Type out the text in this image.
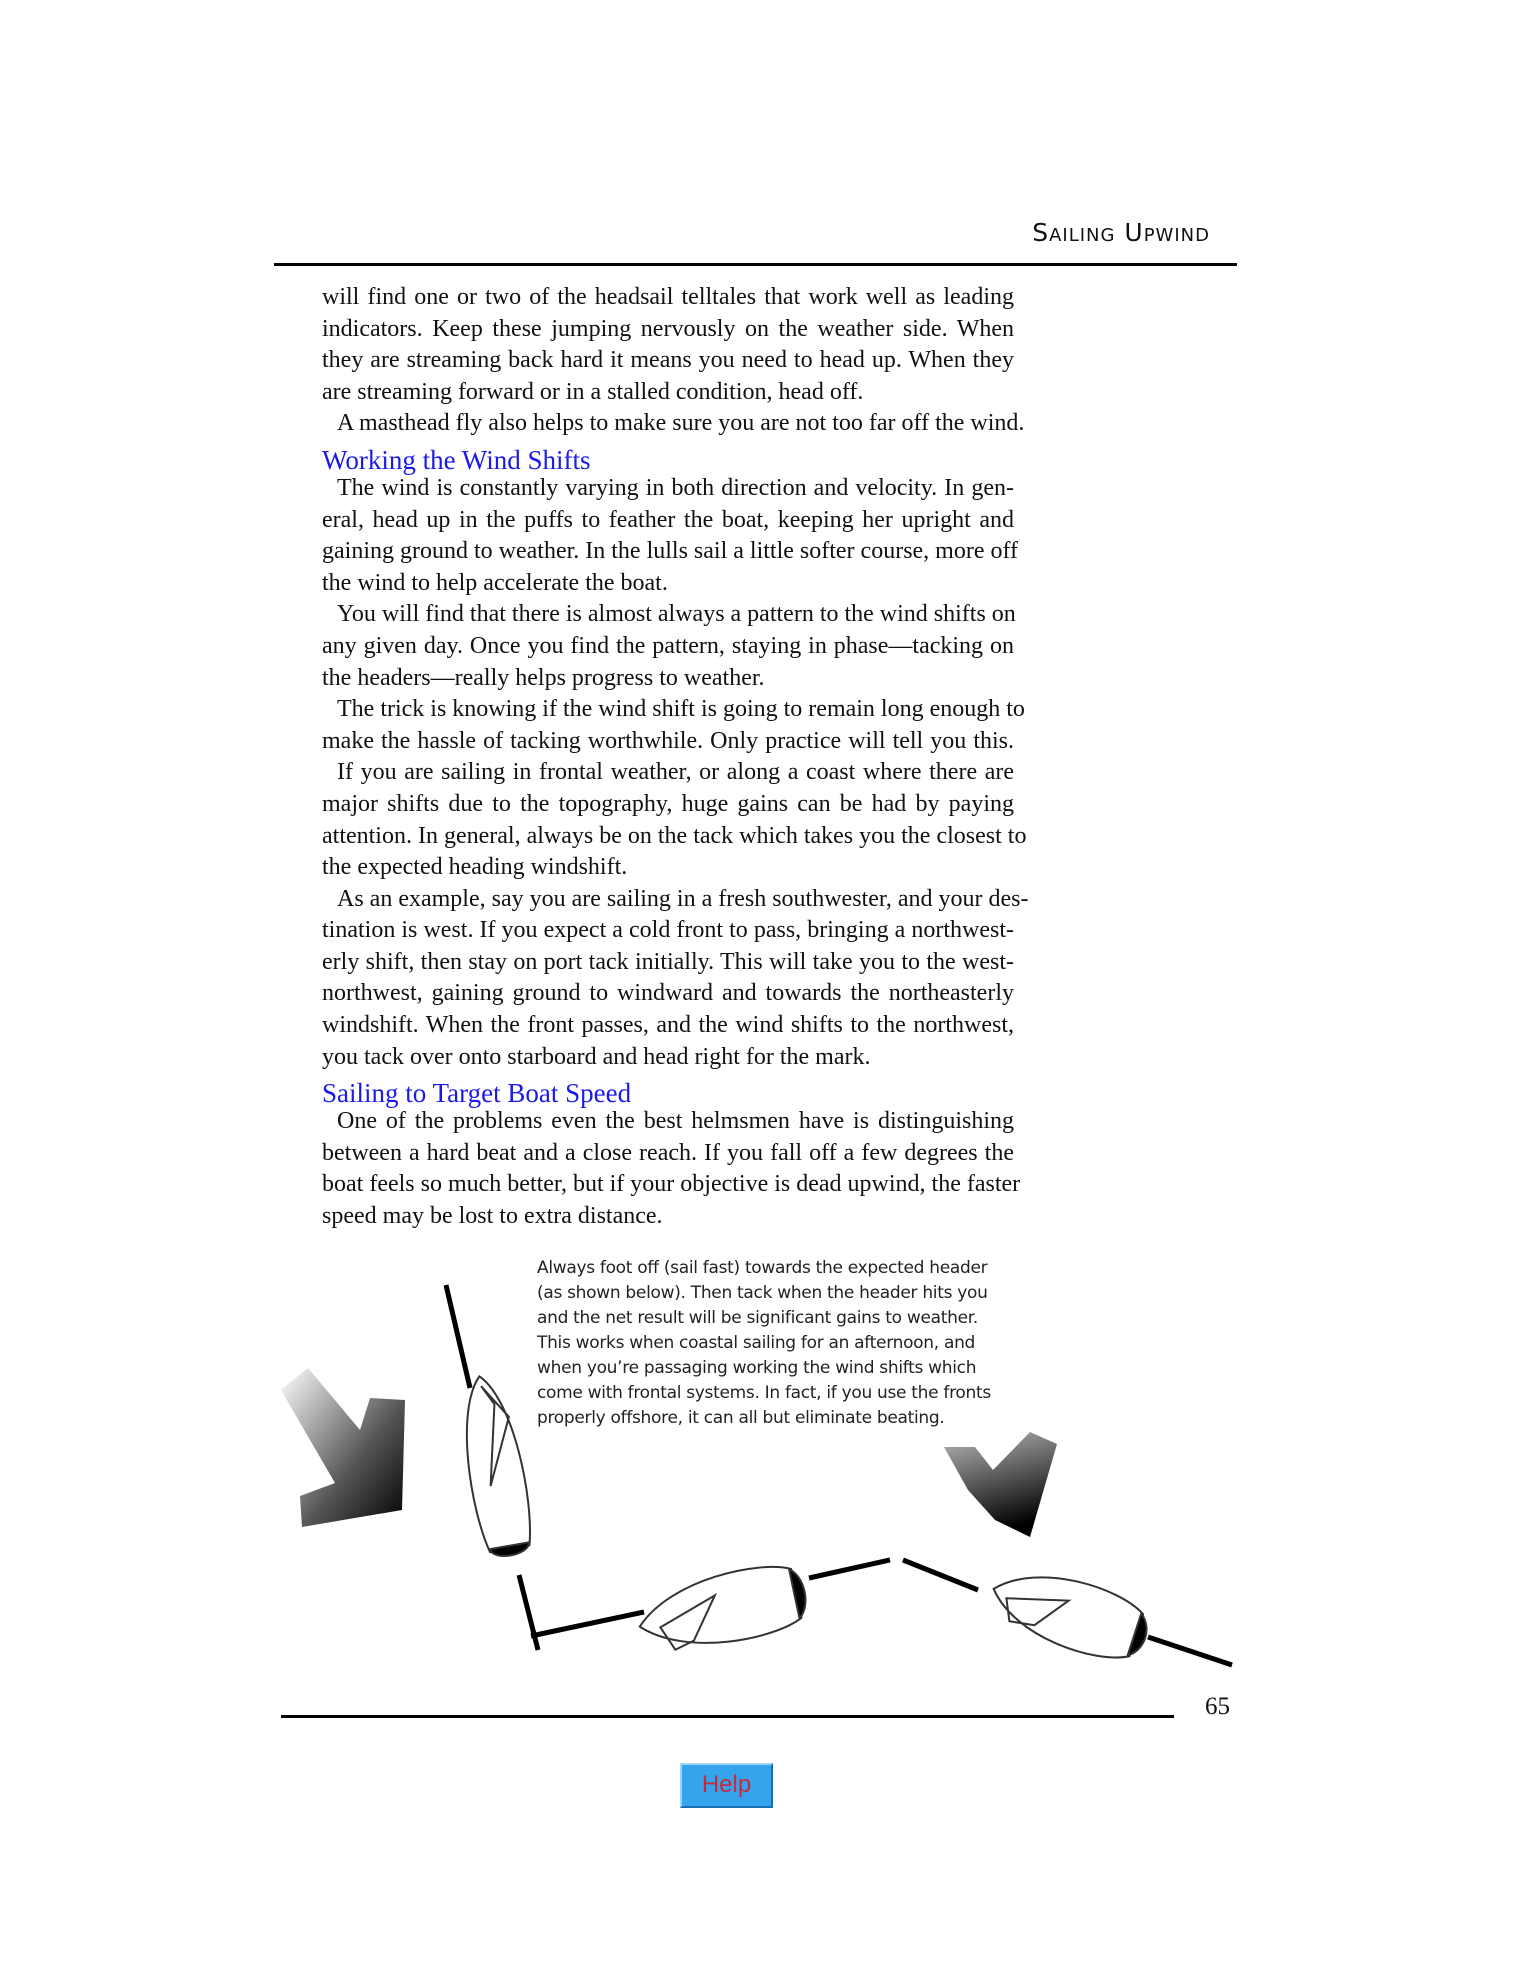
Sailing Upwind
will find one or two of the headsail telltales that work well as leading
indicators. Keep these jumping nervously on the weather side. When
they are streaming back hard it means you need to head up. When they
are streaming forward or in a stalled condition, head off.
A masthead fly also helps to make sure you are not too far off the wind.
Working the Wind Shifts
The wind is constantly varying in both direction and velocity. In gen-
eral, head up in the puffs to feather the boat, keeping her upright and
gaining ground to weather. In the lulls sail a little softer course, more off
the wind to help accelerate the boat.
You will find that there is almost always a pattern to the wind shifts on
any given day. Once you find the pattern, staying in phase—tacking on
the headers—really helps progress to weather.
The trick is knowing if the wind shift is going to remain long enough to
make the hassle of tacking worthwhile. Only practice will tell you this.
If you are sailing in frontal weather, or along a coast where there are
major shifts due to the topography, huge gains can be had by paying
attention. In general, always be on the tack which takes you the closest to
the expected heading windshift.
As an example, say you are sailing in a fresh southwester, and your des-
tination is west. If you expect a cold front to pass, bringing a northwest-
erly shift, then stay on port tack initially. This will take you to the west-
northwest, gaining ground to windward and towards the northeasterly
windshift. When the front passes, and the wind shifts to the northwest,
you tack over onto starboard and head right for the mark.
Sailing to Target Boat Speed
One of the problems even the best helmsmen have is distinguishing
between a hard beat and a close reach. If you fall off a few degrees the
boat feels so much better, but if your objective is dead upwind, the faster
speed may be lost to extra distance.
Always foot off (sail fast) towards the expected header
(as shown below). Then tack when the header hits you
and the net result will be significant gains to weather.
This works when coastal sailing for an afternoon, and
when you’re passaging working the wind shifts which
come with frontal systems. In fact, if you use the fronts
properly offshore, it can all but eliminate beating.
65
Help
